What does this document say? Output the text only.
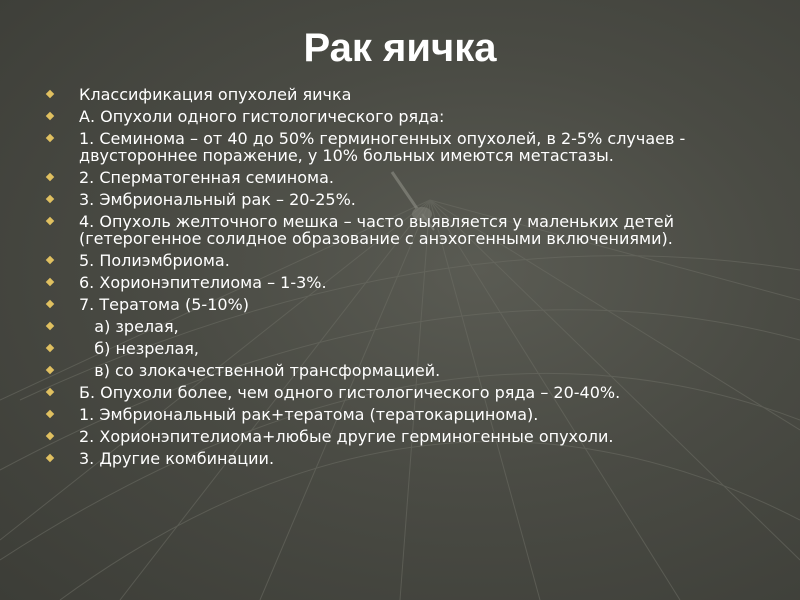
Рак яичка
Классификация опухолей яичка
А. Опухоли одного гистологического ряда:
1. Семинома – от 40 до 50% герминогенных опухолей, в 2-5% случаев - двустороннее поражение, у 10% больных имеются метастазы.
2. Сперматогенная семинома.
3. Эмбриональный рак – 20-25%.
4. Опухоль желточного мешка – часто выявляется у маленьких детей (гетерогенное солидное образование с анэхогенными включениями).
5. Полиэмбриома.
6. Хорионэпителиома – 1-3%.
7. Тератома (5-10%)
а) зрелая,
б) незрелая,
в) со злокачественной трансформацией.
Б. Опухоли более, чем одного гистологического ряда – 20-40%.
1. Эмбриональный рак+тератома (тератокарцинома).
2. Хорионэпителиома+любые другие герминогенные опухоли.
3. Другие комбинации.
